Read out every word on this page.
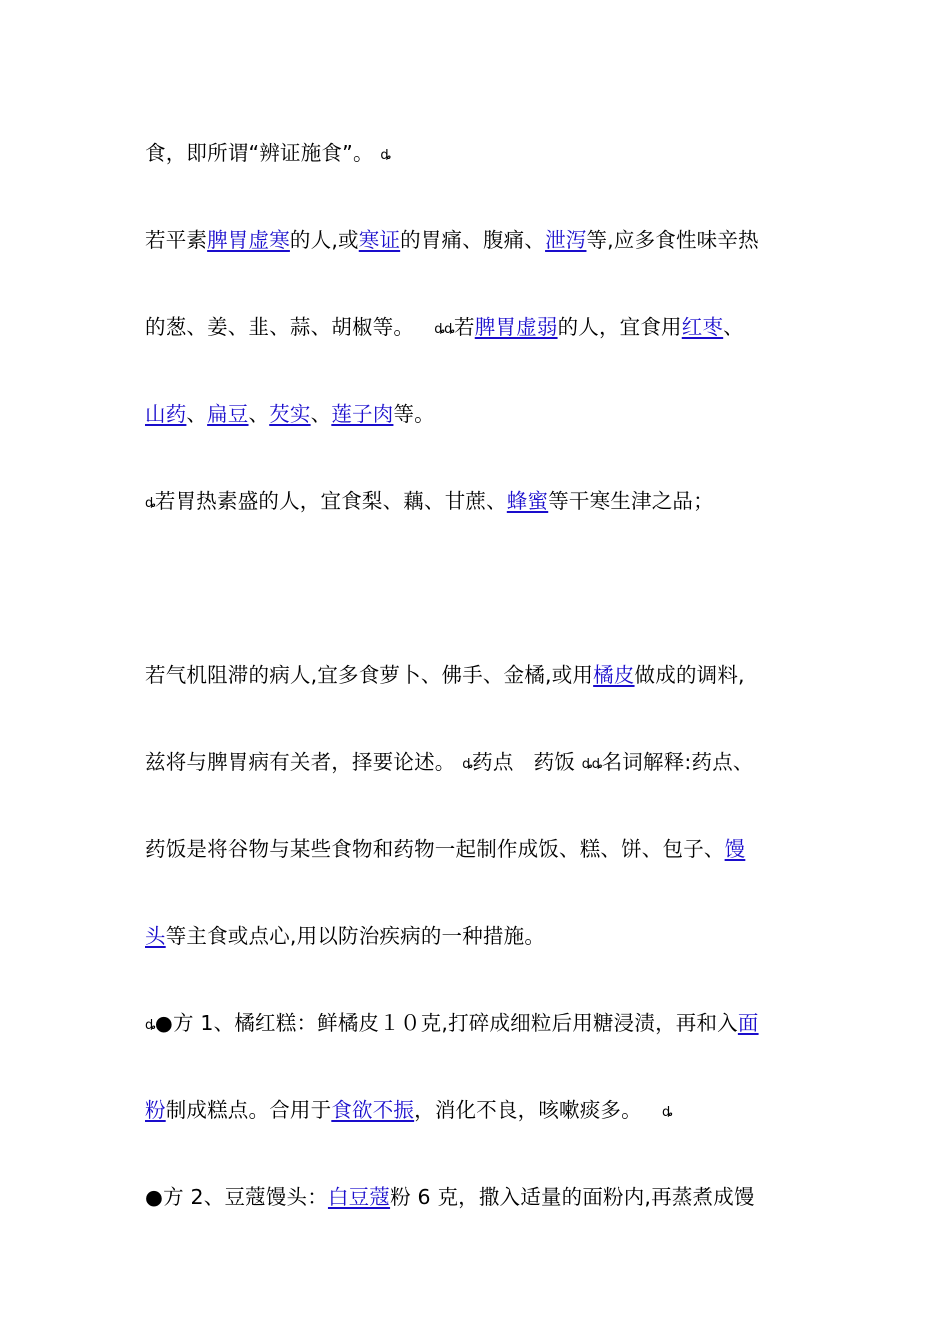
食，即所谓“辨证施食”。 ȡ
若平素脾胃虚寒的人,或寒证的胃痛、腹痛、泄泻等,应多食性味辛热
的葱、姜、韭、蒜、胡椒等。   ȡȡ若脾胃虚弱的人，宜食用红枣、
山药、扁豆、芡实、莲子肉等。
ȡ若胃热素盛的人，宜食梨、藕、甘蔗、蜂蜜等干寒生津之品；
若气机阻滞的病人,宜多食萝卜、佛手、金橘,或用橘皮做成的调料,
兹将与脾胃病有关者，择要论述。 ȡ药点   药饭 ȡȡ名词解释:药点、
药饭是将谷物与某些食物和药物一起制作成饭、糕、饼、包子、馒
头等主食或点心,用以防治疾病的一种措施。
ȡ●方 1、橘红糕：鲜橘皮１０克,打碎成细粒后用糖浸渍，再和入面
粉制成糕点。合用于食欲不振，消化不良，咳嗽痰多。   ȡ
●方 2、豆蔻馒头：白豆蔻粉 6 克，撒入适量的面粉内,再蒸煮成馒
